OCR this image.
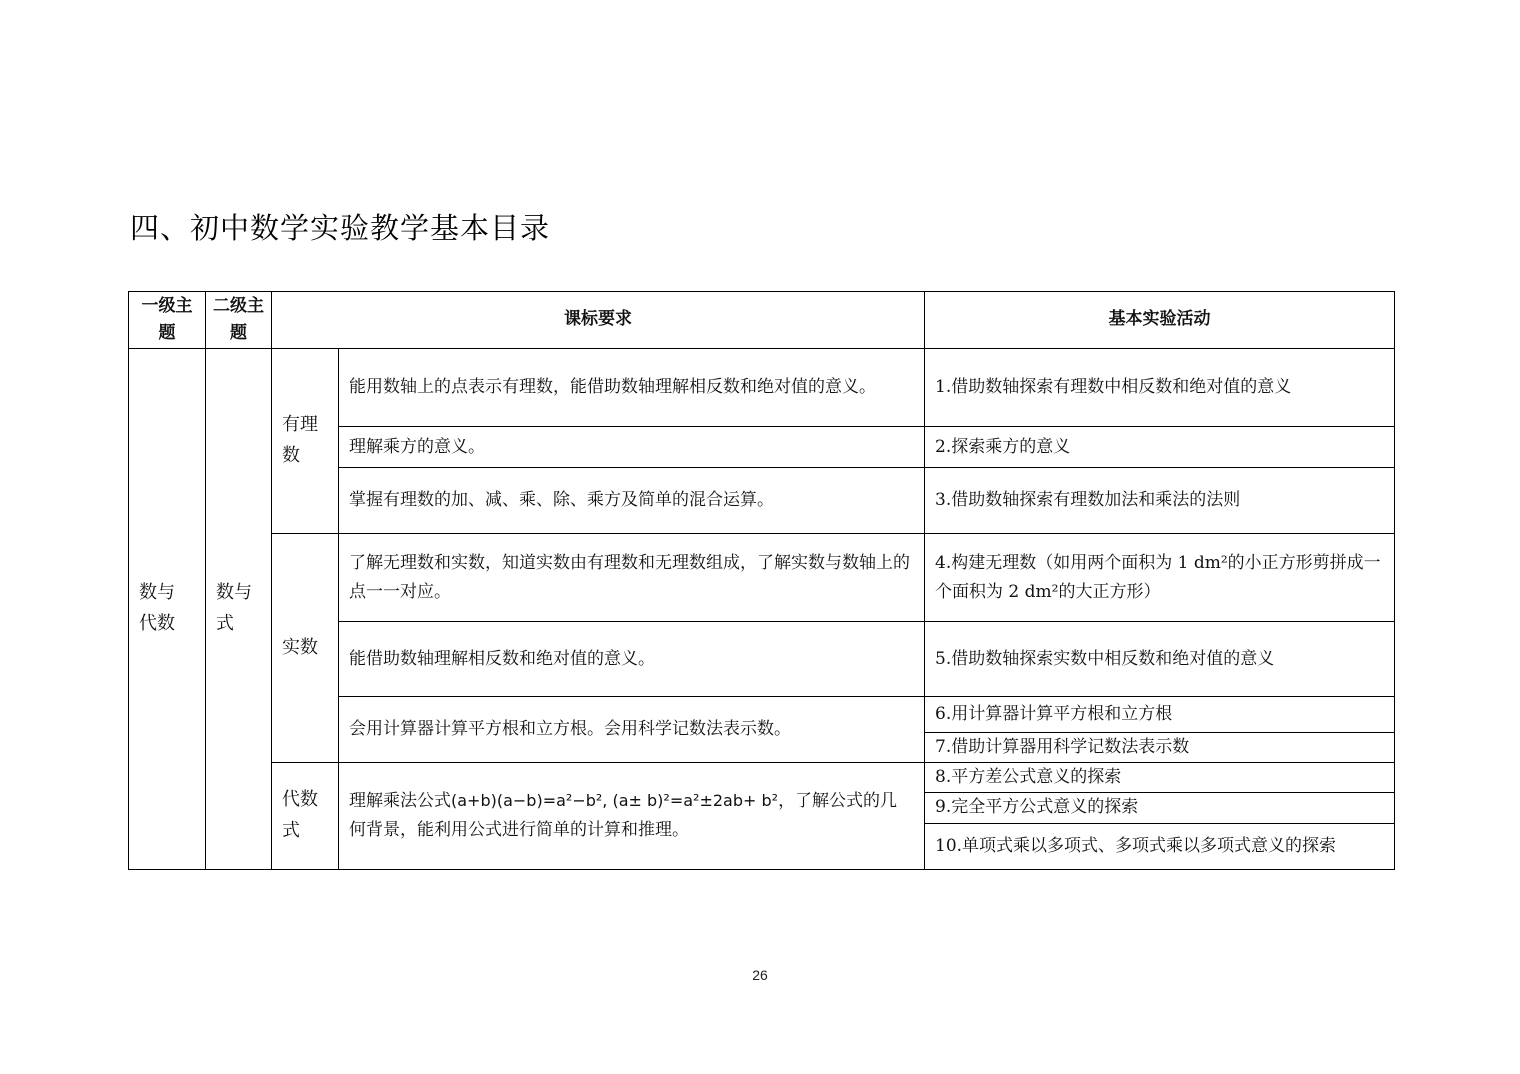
四、初中数学实验教学基本目录
一级主题	二级主题	课标要求		基本实验活动

数与代数	数与式	有理数	能用数轴上的点表示有理数，能借助数轴理解相反数和绝对值的意义。	1.借助数轴探索有理数中相反数和绝对值的意义
			理解乘方的意义。	2.探索乘方的意义
			掌握有理数的加、减、乘、除、乘方及简单的混合运算。	3.借助数轴探索有理数加法和乘法的法则
		实数	了解无理数和实数，知道实数由有理数和无理数组成，了解实数与数轴上的点一一对应。	4.构建无理数（如用两个面积为 1 dm²的小正方形剪拼成一个面积为 2 dm²的大正方形）
			能借助数轴理解相反数和绝对值的意义。	5.借助数轴探索实数中相反数和绝对值的意义
			会用计算器计算平方根和立方根。会用科学记数法表示数。	6.用计算器计算平方根和立方根
				7.借助计算器用科学记数法表示数

		代数式	理解乘法公式(a+b)(a−b)=a²−b², (a± b)²=a²±2ab+ b²，了解公式的几何背景，能利用公式进行简单的计算和推理。	8.平方差公式意义的探索
				9.完全平方公式意义的探索
				10.单项式乘以多项式、多项式乘以多项式意义的探索
26
